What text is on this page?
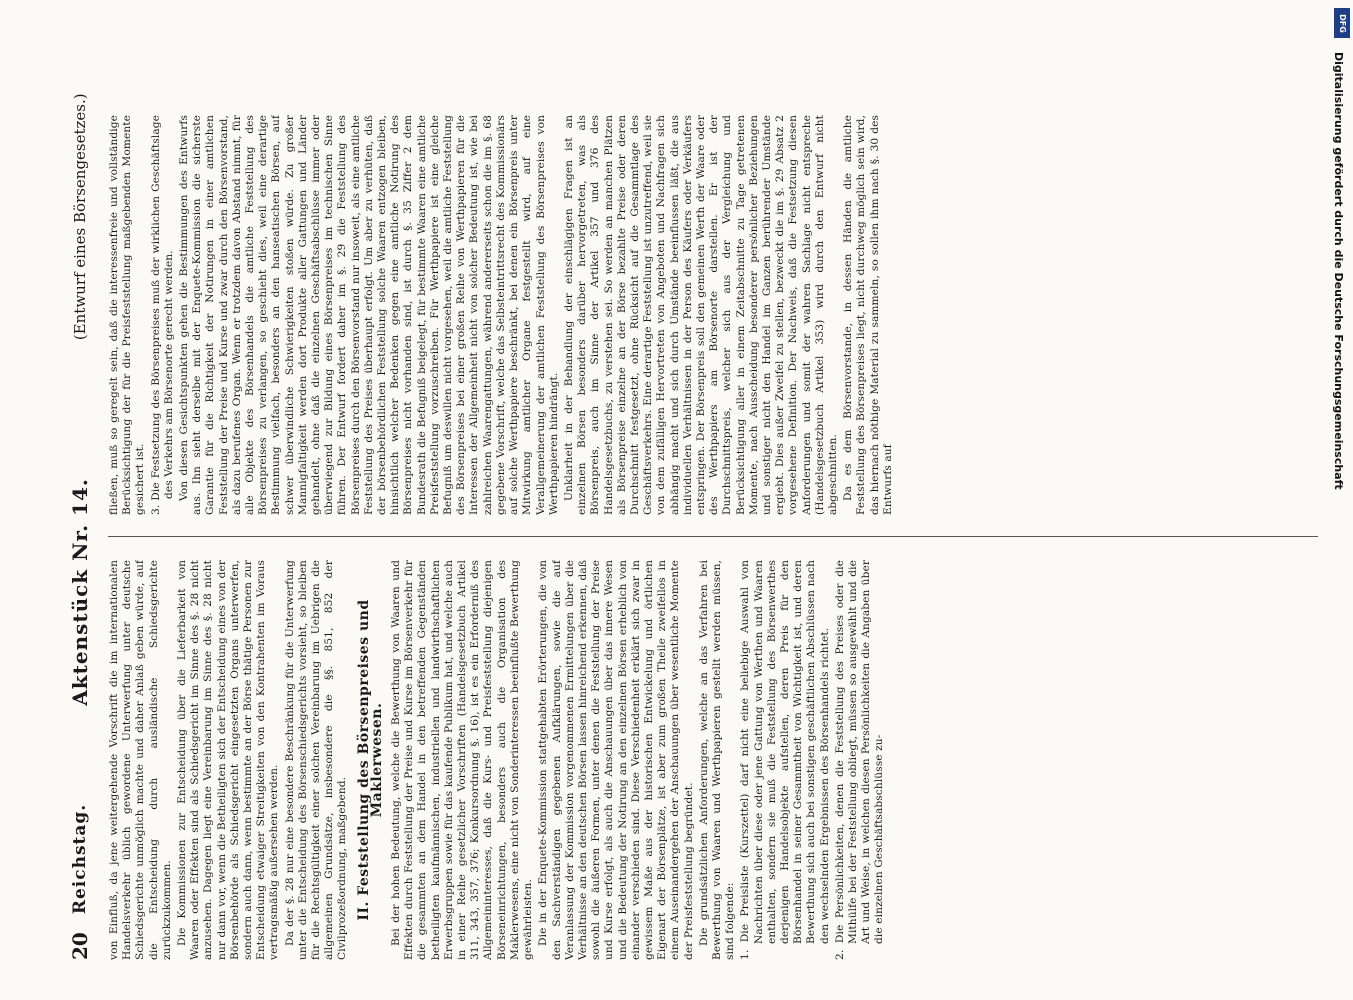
20
Reichstag.
Aktenstück Nr. 14.
(Entwurf eines Börsengesetzes.)

von Einfluß, da jene weitergehende Vorschrift die im internationalen Handelsverkehr üblich gewordene Unterwerfung unter deutsche Schiedsgerichte unmöglich machte und daher Anlaß geben würde, auf die Entscheidung durch ausländische Schiedsgerichte zurückzukommen. Die Kommissionen zur Entscheidung über die Lieferbarkeit von Waaren oder Effekten sind als Schiedsgericht im Sinne des §. 28 nicht anzusehen. Dagegen liegt eine Vereinbarung im Sinne des §. 28 nicht nur dann vor, wenn die Betheiligten sich der Entscheidung eines von der Börsenbehörde als Schiedsgericht eingesetzten Organs unterwerfen, sondern auch dann, wenn bestimmte an der Börse thätige Personen zur Entscheidung etwaiger Streitigkeiten von den Kontrahenten im Voraus vertragsmäßig außersehen werden. Da der §. 28 nur eine besondere Beschränkung für die Unterwerfung unter die Entscheidung des Börsenschiedsgerichts vorsieht, so bleiben für die Rechtsgültigkeit einer solchen Vereinbarung im Uebrigen die allgemeinen Grundsätze, insbesondere die §§. 851, 852 der Civilprozeßordnung, maßgebend. II. Feststellung des Börsenpreises und Maklerwesen. Bei der hohen Bedeutung, welche die Bewerthung von Waaren und Effekten durch Feststellung der Preise und Kurse im Börsenverkehr für die gesammten an dem Handel in den betreffenden Gegenständen betheiligten kaufmännischen, industriellen und landwirthschaftlichen Erwerbsgruppen sowie für das kaufende Publikum hat, und welche auch in einer Reihe gesetzlicher Vorschriften (Handelsgesetzbuch Artikel 311, 343, 357, 376; Konkursordnung §. 16), ist es ein Erforderniß des Allgemeininteresses, daß die Kurs- und Preisfeststellung diejenigen Börseneinrichtungen, besonders auch die Organisation des Maklerwesens, eine nicht von Sonderinteressen beeinflußte Bewerthung gewährleisten. Die in der Enquete-Kommission stattgehabten Erörterungen, die von den Sachverständigen gegebenen Aufklärungen, sowie die auf Veranlassung der Kommission vorgenommenen Ermittelungen über die Verhältnisse an den deutschen Börsen lassen hinreichend erkennen, daß sowohl die äußeren Formen, unter denen die Feststellung der Preise und Kurse erfolgt, als auch die Anschauungen über das innere Wesen und die Bedeutung der Notirung an den einzelnen Börsen erheblich von einander verschieden sind. Diese Verschiedenheit erklärt sich zwar in gewissem Maße aus der historischen Entwickelung und örtlichen Eigenart der Börsenplätze, ist aber zum großen Theile zweifellos in einem Auseinandergehen der Anschauungen über wesentliche Momente der Preisfeststellung begründet. Die grundsätzlichen Anforderungen, welche an das Verfahren bei Bewerthung von Waaren und Werthpapieren gestellt werden müssen, sind folgende: 1. Die Preisliste (Kurszettel) darf nicht eine beliebige Auswahl von Nachrichten über diese oder jene Gattung von Werthen und Waaren enthalten, sondern sie muß die Feststellung des Börsenwerthes derjenigen Handelsobjekte aufstellen, deren Preis für den Börsenhandel in seiner Gesammtheit von Wichtigkeit ist, und deren Bewerthung sich auch bei sonstigen geschäftlichen Abschlüssen nach den wechselnden Ergebnissen des Börsenhandels richtet. 2. Die Persönlichkeiten, denen die Feststellung des Preises oder die Mithülfe bei der Feststellung obliegt, müssen so ausgewählt und die Art und Weise, in welchen diesen Persönlichkeiten die Angaben über die einzelnen Geschäftsabschlüsse zu-

fließen, muß so geregelt sein, daß die interessenfreie und vollständige Berücksichtigung der für die Preisfeststellung maßgebenden Momente gesichert ist. 3. Die Festsetzung des Börsenpreises muß der wirklichen Geschäftslage des Verkehrs am Börsenorte gerecht werden. Von diesen Gesichtspunkten gehen die Bestimmungen des Entwurfs aus. Ihn sieht derselbe mit der Enquete-Kommission die sicherste Garantie für die Richtigkeit der Notirungen in einer amtlichen Feststellung der Preise und Kurse und zwar durch den Börsenvorstand, als dazu berufenes Organ. Wenn er trotzdem davon Abstand nimmt, für alle Objekte des Börsenhandels die amtliche Feststellung des Börsenpreises zu verlangen, so geschieht dies, weil eine derartige Bestimmung vielfach, besonders an den hanseatischen Börsen, auf schwer überwindliche Schwierigkeiten stoßen würde. Zu großer Mannigfaltigkeit werden dort Produkte aller Gattungen und Länder gehandelt, ohne daß die einzelnen Geschäftsabschlüsse immer oder überwiegend zur Bildung eines Börsenpreises im technischen Sinne führen. Der Entwurf fordert daher im §. 29 die Feststellung des Börsenpreises durch den Börsenvorstand nur insoweit, als eine amtliche Feststellung des Preises überhaupt erfolgt. Um aber zu verhüten, daß der börsenbehördlichen Feststellung solche Waaren entzogen bleiben, hinsichtlich welcher Bedenken gegen eine amtliche Notirung des Börsenpreises nicht vorhanden sind, ist durch §. 35 Ziffer 2 dem Bundesrath die Befugniß beigelegt, für bestimmte Waaren eine amtliche Preisfeststellung vorzuschreiben. Für Werthpapiere ist eine gleiche Befugniß um deswillen nicht vorgesehen, weil die amtliche Feststellung des Börsenpreises bei einer großen Reihe von Werthpapieren für die Interessen der Allgemeinheit nicht von solcher Bedeutung ist, wie bei zahlreichen Waarengattungen, während andererseits schon die im §. 68 gegebene Vorschrift, welche das Selbsteintrittsrecht des Kommissionärs auf solche Werthpapiere beschränkt, bei denen ein Börsenpreis unter Mitwirkung amtlicher Organe festgestellt wird, auf eine Verallgemeinerung der amtlichen Feststellung des Börsenpreises von Werthpapieren hindrängt. Unklarheit in der Behandlung der einschlägigen Fragen ist an einzelnen Börsen besonders darüber hervorgetreten, was als Börsenpreis, auch im Sinne der Artikel 357 und 376 des Handelsgesetzbuchs, zu verstehen sei. So werden an manchen Plätzen als Börsenpreise einzelne an der Börse bezahlte Preise oder deren Durchschnitt festgesetzt, ohne Rücksicht auf die Gesammtlage des Geschäftsverkehrs. Eine derartige Feststellung ist unzutreffend, weil sie von dem zufälligen Hervortreten von Angeboten und Nachfragen sich abhängig macht und sich durch Umstände beeinflussen läßt, die aus individuellen Verhältnissen in der Person des Käufers oder Verkäufers entspringen. Der Börsenpreis soll den gemeinen Werth der Waare oder des Werthpapiers am Börsenorte darstellen. Er ist der Durchschnittspreis, welcher sich aus der Vergleichung und Berücksichtigung aller in einem Zeitabschnitte zu Tage getretenen Momente, nach Ausscheidung besonderer persönlicher Beziehungen und sonstiger nicht den Handel im Ganzen berührender Umstände ergiebt. Dies außer Zweifel zu stellen, bezweckt die im §. 29 Absatz 2 vorgesehene Definition. Der Nachweis, daß die Festsetzung diesen Anforderungen und somit der wahren Sachlage nicht entspreche (Handelsgesetzbuch Artikel 353) wird durch den Entwurf nicht abgeschnitten. Da es dem Börsenvorstande, in dessen Händen die amtliche Feststellung des Börsenpreises liegt, nicht durchweg möglich sein wird, das hiernach nöthige Material zu sammeln, so sollen ihm nach §. 30 des Entwurfs auf

DFG
Digitalisierung gefördert durch die Deutsche Forschungsgemeinschaft
